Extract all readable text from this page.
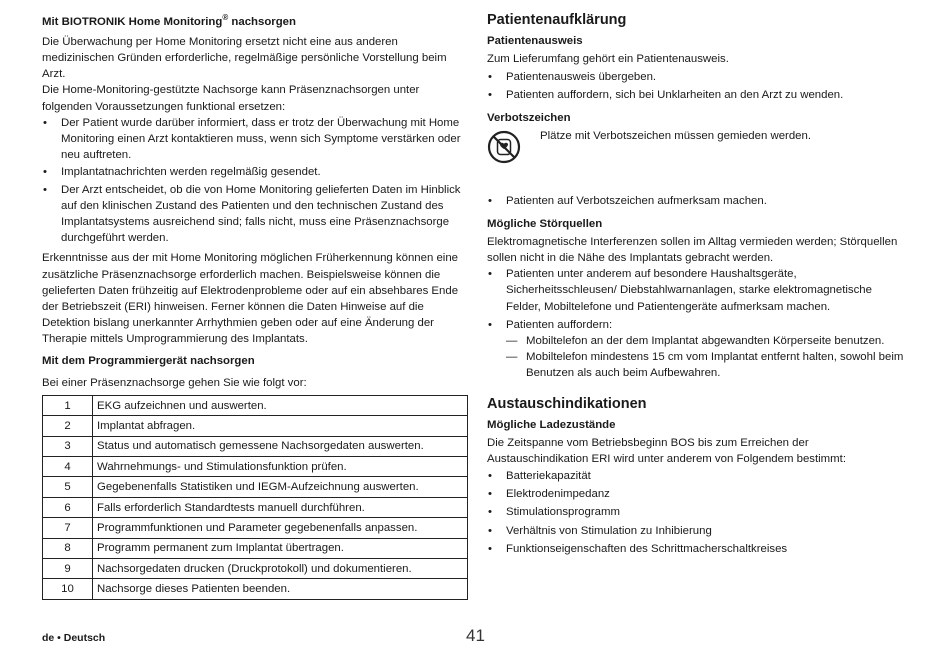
Mit BIOTRONIK Home Monitoring® nachsorgen

Die Überwachung per Home Monitoring ersetzt nicht eine aus anderen medizinischen Gründen erforderliche, regelmäßige persönliche Vorstellung beim Arzt.

Die Home-Monitoring-gestützte Nachsorge kann Präsenznachsorgen unter folgenden Voraussetzungen funktional ersetzen:

• Der Patient wurde darüber informiert, dass er trotz der Überwachung mit Home Monitoring einen Arzt kontaktieren muss, wenn sich Symptome verstärken oder neu auftreten.
• Implantatnachrichten werden regelmäßig gesendet.
• Der Arzt entscheidet, ob die von Home Monitoring gelieferten Daten im Hinblick auf den klinischen Zustand des Patienten und den technischen Zustand des Implantatsystems ausreichend sind; falls nicht, muss eine Präsenznachsorge durchgeführt werden.

Erkenntnisse aus der mit Home Monitoring möglichen Früherkennung können eine zusätzliche Präsenznachsorge erforderlich machen. Beispielsweise können die gelieferten Daten frühzeitig auf Elektrodenprobleme oder auf ein absehbares Ende der Betriebszeit (ERI) hinweisen. Ferner können die Daten Hinweise auf die Detektion bislang unerkannter Arrhythmien geben oder auf eine Änderung der Therapie mittels Umprogrammierung des Implantats.

Mit dem Programmiergerät nachsorgen

Bei einer Präsenznachsorge gehen Sie wie folgt vor:

1	EKG aufzeichnen und auswerten.
2	Implantat abfragen.
3	Status und automatisch gemessene Nachsorgedaten auswerten.
4	Wahrnehmungs- und Stimulationsfunktion prüfen.
5	Gegebenenfalls Statistiken und IEGM-Aufzeichnung auswerten.
6	Falls erforderlich Standardtests manuell durchführen.
7	Programmfunktionen und Parameter gegebenenfalls anpassen.
8	Programm permanent zum Implantat übertragen.
9	Nachsorgedaten drucken (Druckprotokoll) und dokumentieren.
10	Nachsorge dieses Patienten beenden.

Patientenaufklärung

Patientenausweis

Zum Lieferumfang gehört ein Patientenausweis.

• Patientenausweis übergeben.
• Patienten auffordern, sich bei Unklarheiten an den Arzt zu wenden.

Verbotszeichen

Plätze mit Verbotszeichen müssen gemieden werden.

• Patienten auf Verbotszeichen aufmerksam machen.

Mögliche Störquellen

Elektromagnetische Interferenzen sollen im Alltag vermieden werden; Störquellen sollen nicht in die Nähe des Implantats gebracht werden.

• Patienten unter anderem auf besondere Haushaltsgeräte, Sicherheitsschleusen/ Diebstahlwarnanlagen, starke elektromagnetische Felder, Mobiltelefone und Patientengeräte aufmerksam machen.
• Patienten auffordern:
— Mobiltelefon an der dem Implantat abgewandten Körperseite benutzen.
— Mobiltelefon mindestens 15 cm vom Implantat entfernt halten, sowohl beim Benutzen als auch beim Aufbewahren.

Austauschindikationen

Mögliche Ladezustände

Die Zeitspanne vom Betriebsbeginn BOS bis zum Erreichen der Austauschindikation ERI wird unter anderem von Folgendem bestimmt:

• Batteriekapazität
• Elektrodenimpedanz
• Stimulationsprogramm
• Verhältnis von Stimulation zu Inhibierung
• Funktionseigenschaften des Schrittmacherschaltkreises
de • Deutsch	41
